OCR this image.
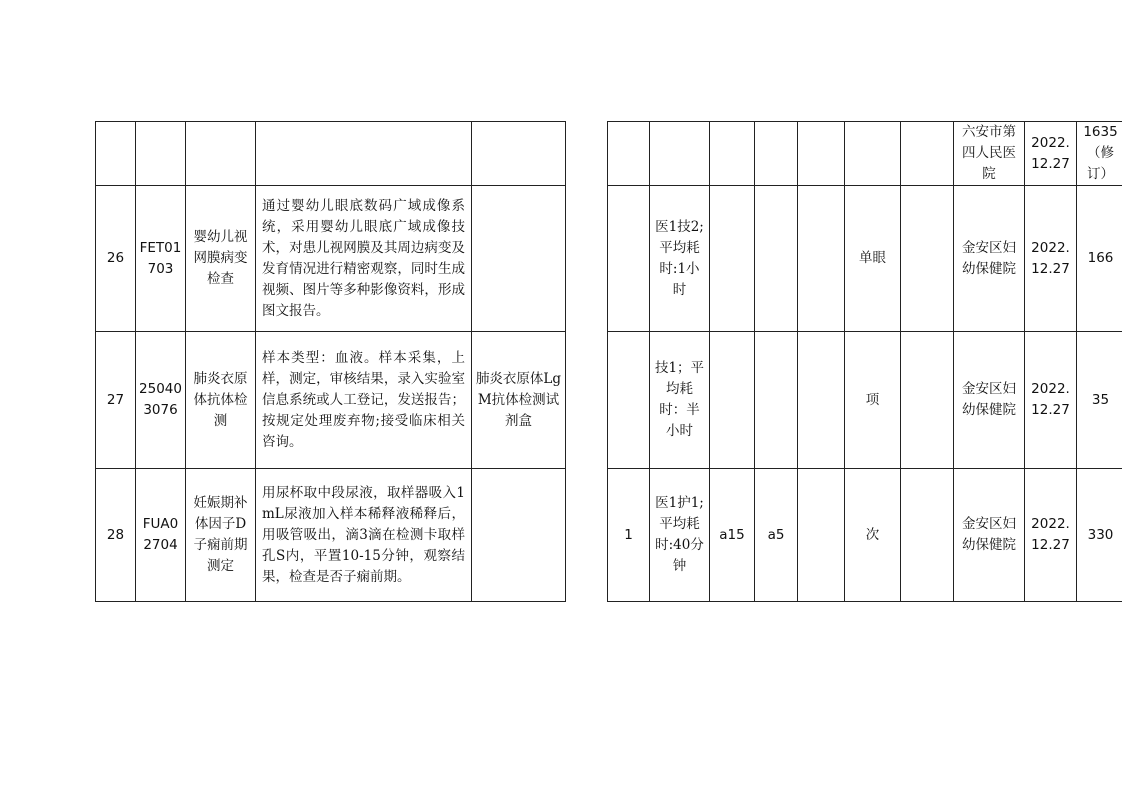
													六安市第四人民医院	2022.12.27	1635（修订）
26	FET01703	婴幼儿视网膜病变检查	通过婴幼儿眼底数码广域成像系统，采用婴幼儿眼底广域成像技术，对患儿视网膜及其周边病变及发育情况进行精密观察，同时生成视频、图片等多种影像资料，形成图文报告。				医1技2;平均耗时:1小时				单眼		金安区妇幼保健院	2022.12.27	166
27	250403076	肺炎衣原体抗体检测	样本类型：血液。样本采集，上样，测定，审核结果，录入实验室信息系统或人工登记，发送报告；按规定处理废弃物;接受临床相关咨询。	肺炎衣原体LgM抗体检测试剂盒			技1；平均耗时：半小时				项		金安区妇幼保健院	2022.12.27	35
28	FUA02704	妊娠期补体因子D子痫前期测定	用尿杯取中段尿液，取样器吸入1mL尿液加入样本稀释液稀释后，用吸管吸出，滴3滴在检测卡取样孔S内，平置10-15分钟，观察结果，检查是否子痫前期。			1	医1护1;平均耗时:40分钟	a15	a5		次		金安区妇幼保健院	2022.12.27	330
